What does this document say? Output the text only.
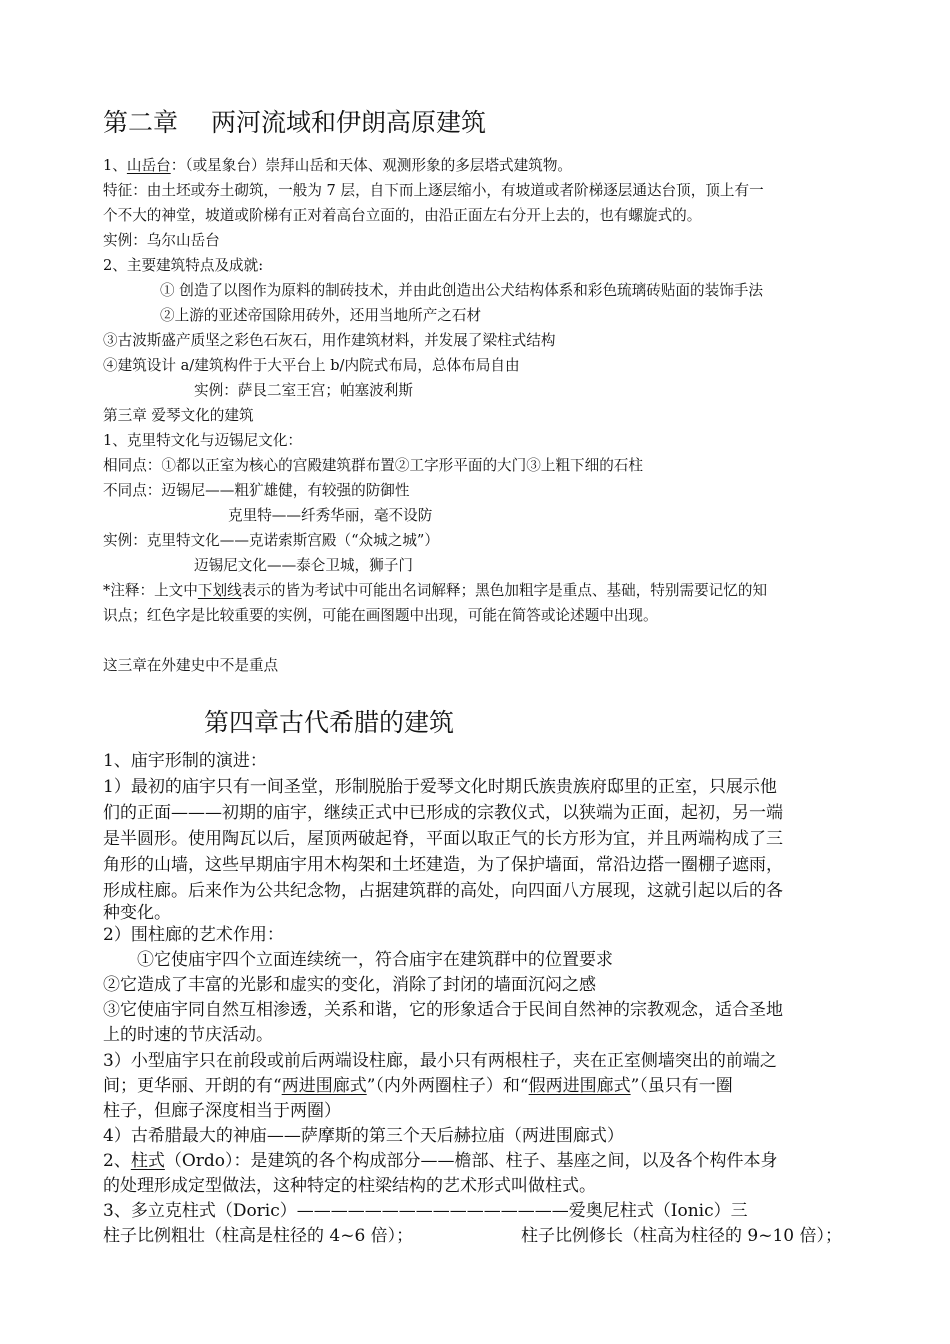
第二章　 两河流域和伊朗高原建筑
1、山岳台：（或星象台）崇拜山岳和天体、观测形象的多层塔式建筑物。
特征：由土坯或夯土砌筑，一般为 7 层，自下而上逐层缩小，有坡道或者阶梯逐层通达台顶，顶上有一
个不大的神堂，坡道或阶梯有正对着高台立面的，由沿正面左右分开上去的，也有螺旋式的。
实例：乌尔山岳台
2、主要建筑特点及成就:
① 创造了以图作为原料的制砖技术，并由此创造出公犬结构体系和彩色琉璃砖贴面的装饰手法
②上游的亚述帝国除用砖外，还用当地所产之石材
③古波斯盛产质坚之彩色石灰石，用作建筑材料，并发展了梁柱式结构
④建筑设计 a/建筑构件于大平台上 b/内院式布局，总体布局自由
实例：萨艮二室王宫；帕塞波利斯
第三章 爱琴文化的建筑
1、克里特文化与迈锡尼文化：
相同点：①都以正室为核心的宫殿建筑群布置②工字形平面的大门③上粗下细的石柱
不同点：迈锡尼——粗犷雄健，有较强的防御性
克里特——纤秀华丽，毫不设防
实例：克里特文化——克诺索斯宫殿（“众城之城”）
迈锡尼文化——泰仑卫城，狮子门
*注释：上文中下划线表示的皆为考试中可能出名词解释；黑色加粗字是重点、基础，特别需要记忆的知
识点；红色字是比较重要的实例，可能在画图题中出现，可能在简答或论述题中出现。
这三章在外建史中不是重点
第四章古代希腊的建筑
1、庙宇形制的演进：
1）最初的庙宇只有一间圣堂，形制脱胎于爱琴文化时期氏族贵族府邸里的正室，只展示他
们的正面———初期的庙宇，继续正式中已形成的宗教仪式，以狭端为正面，起初，另一端
是半圆形。使用陶瓦以后，屋顶两破起脊，平面以取正气的长方形为宜，并且两端构成了三
角形的山墙，这些早期庙宇用木构架和土坯建造，为了保护墙面，常沿边搭一圈棚子遮雨，
形成柱廊。后来作为公共纪念物，占据建筑群的高处，向四面八方展现，这就引起以后的各
种变化。
2）围柱廊的艺术作用：
①它使庙宇四个立面连续统一，符合庙宇在建筑群中的位置要求
②它造成了丰富的光影和虚实的变化，消除了封闭的墙面沉闷之感
③它使庙宇同自然互相渗透，关系和谐，它的形象适合于民间自然神的宗教观念，适合圣地
上的时速的节庆活动。
3）小型庙宇只在前段或前后两端设柱廊，最小只有两根柱子，夹在正室侧墙突出的前端之
间；更华丽、开朗的有“两进围廊式”（内外两圈柱子）和“假两进围廊式”（虽只有一圈
柱子，但廊子深度相当于两圈）
4）古希腊最大的神庙——萨摩斯的第三个天后赫拉庙（两进围廊式）
2、柱式（Ordo）：是建筑的各个构成部分——檐部、柱子、基座之间，以及各个构件本身
的处理形成定型做法，这种特定的柱梁结构的艺术形式叫做柱式。
3、多立克柱式（Doric）————————————————爱奥尼柱式（Ionic）三
柱子比例粗壮（柱高是柱径的 4~6 倍）；	柱子比例修长（柱高为柱径的 9~10 倍）；
